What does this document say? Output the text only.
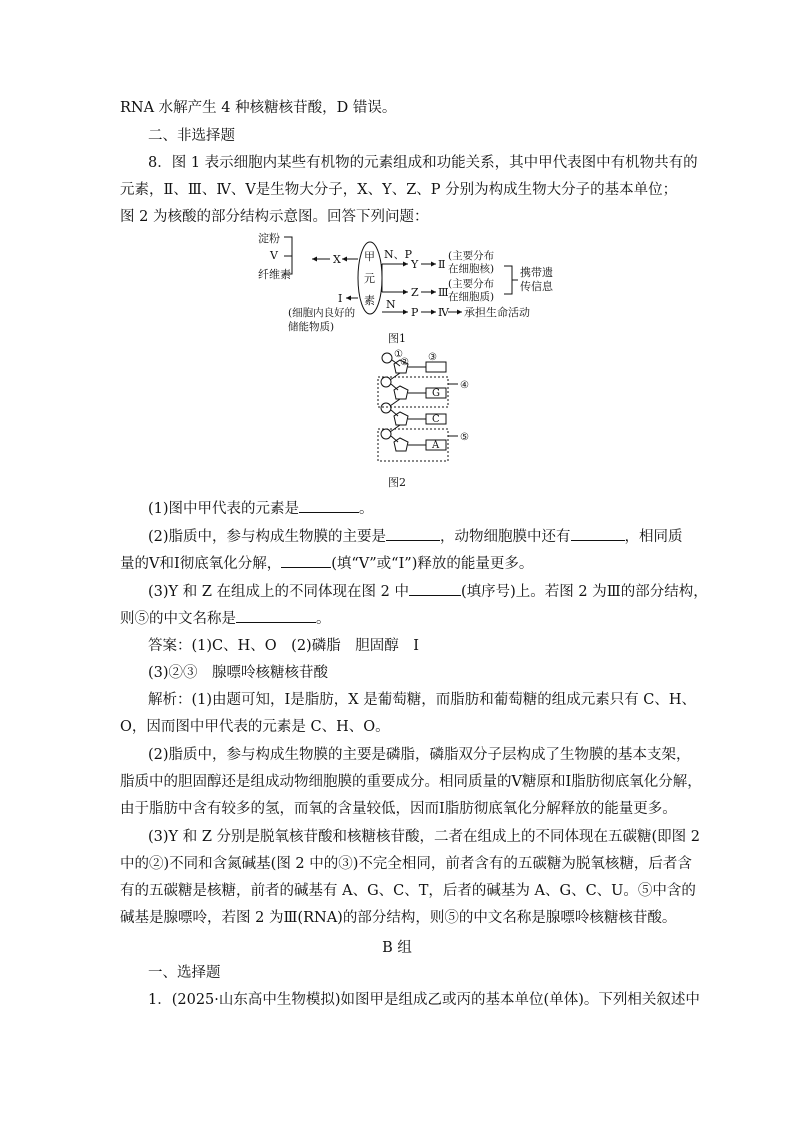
RNA 水解产生 4 种核糖核苷酸，D 错误。
二、非选择题
8．图 1 表示细胞内某些有机物的元素组成和功能关系，其中甲代表图中有机物共有的
元素，Ⅱ、Ⅲ、Ⅳ、Ⅴ是生物大分子，X、Y、Z、P 分别为构成生物大分子的基本单位；
图 2 为核酸的部分结构示意图。回答下列问题：
淀粉
Ⅴ
纤维素
X 甲
元
素
N、P
Y
Z
Ⅱ
Ⅲ
(主要分布
在细胞核)
(主要分布
在细胞质)
携带遗
传信息
Ⅰ
(细胞内良好的
储能物质)
N
P Ⅳ 承担生命活动
图1
①
② ③
④
⑤
G
C
A
图2
(1)图中甲代表的元素是	。
(2)脂质中，参与构成生物膜的主要是	，动物细胞膜中还有	，相同质
量的Ⅴ和Ⅰ彻底氧化分解，	(填“Ⅴ”或“Ⅰ”)释放的能量更多。
(3)Y 和 Z 在组成上的不同体现在图 2 中	(填序号)上。若图 2 为Ⅲ的部分结构，
则⑤的中文名称是	。
答案：(1)C、H、O　(2)磷脂　胆固醇　Ⅰ
(3)②③　腺嘌呤核糖核苷酸
解析：(1)由题可知，Ⅰ是脂肪，X 是葡萄糖，而脂肪和葡萄糖的组成元素只有 C、H、
O，因而图中甲代表的元素是 C、H、O。
(2)脂质中，参与构成生物膜的主要是磷脂，磷脂双分子层构成了生物膜的基本支架，
脂质中的胆固醇还是组成动物细胞膜的重要成分。相同质量的Ⅴ糖原和Ⅰ脂肪彻底氧化分解，
由于脂肪中含有较多的氢，而氧的含量较低，因而Ⅰ脂肪彻底氧化分解释放的能量更多。
(3)Y 和 Z 分别是脱氧核苷酸和核糖核苷酸，二者在组成上的不同体现在五碳糖(即图 2
中的②)不同和含氮碱基(图 2 中的③)不完全相同，前者含有的五碳糖为脱氧核糖，后者含
有的五碳糖是核糖，前者的碱基有 A、G、C、T，后者的碱基为 A、G、C、U。⑤中含的
碱基是腺嘌呤，若图 2 为Ⅲ(RNA)的部分结构，则⑤的中文名称是腺嘌呤核糖核苷酸。
B 组
一、选择题
1．(2025·山东高中生物模拟)如图甲是组成乙或丙的基本单位(单体)。下列相关叙述中
